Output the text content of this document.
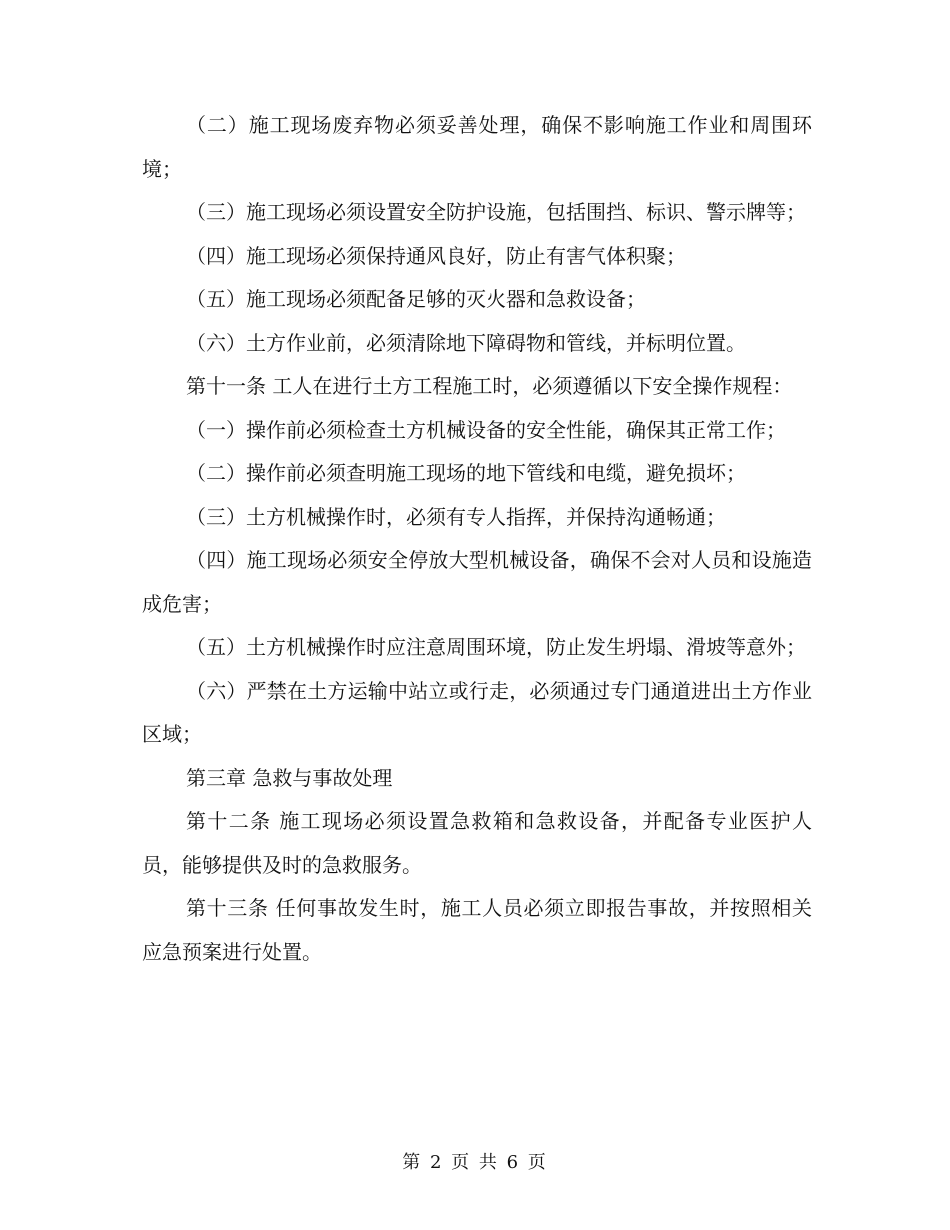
（二）施工现场废弃物必须妥善处理，确保不影响施工作业和周围环境；

（三）施工现场必须设置安全防护设施，包括围挡、标识、警示牌等；

（四）施工现场必须保持通风良好，防止有害气体积聚；

（五）施工现场必须配备足够的灭火器和急救设备；

（六）土方作业前，必须清除地下障碍物和管线，并标明位置。

第十一条 工人在进行土方工程施工时，必须遵循以下安全操作规程：

（一）操作前必须检查土方机械设备的安全性能，确保其正常工作；

（二）操作前必须查明施工现场的地下管线和电缆，避免损坏；

（三）土方机械操作时，必须有专人指挥，并保持沟通畅通；

（四）施工现场必须安全停放大型机械设备，确保不会对人员和设施造成危害；

（五）土方机械操作时应注意周围环境，防止发生坍塌、滑坡等意外；

（六）严禁在土方运输中站立或行走，必须通过专门通道进出土方作业区域；

第三章 急救与事故处理

第十二条 施工现场必须设置急救箱和急救设备，并配备专业医护人员，能够提供及时的急救服务。

第十三条 任何事故发生时，施工人员必须立即报告事故，并按照相关应急预案进行处置。

第 2 页 共 6 页
